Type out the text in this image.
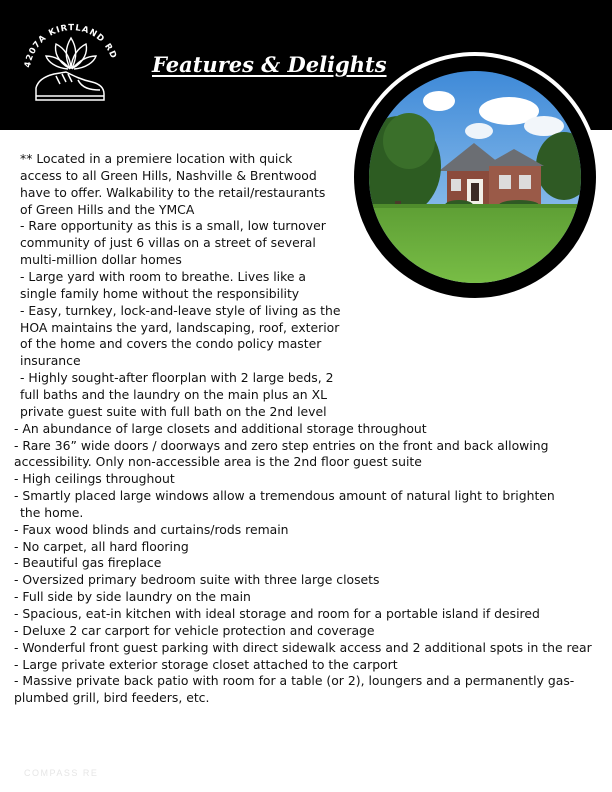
4207A KIRTLAND RD Features & Delights
** Located in a premiere location with quick
access to all Green Hills, Nashville & Brentwood
have to offer. Walkability to the retail/restaurants
of Green Hills and the YMCA
- Rare opportunity as this is a small, low turnover
community of just 6 villas on a street of several
multi-million dollar homes
- Large yard with room to breathe. Lives like a
single family home without the responsibility
- Easy, turnkey, lock-and-leave style of living as the
HOA maintains the yard, landscaping, roof, exterior
of the home and covers the condo policy master
insurance
- Highly sought-after floorplan with 2 large beds, 2
full baths and the laundry on the main plus an XL
private guest suite with full bath on the 2nd level
- An abundance of large closets and additional storage throughout
- Rare 36” wide doors / doorways and zero step entries on the front and back allowing
accessibility. Only non-accessible area is the 2nd floor guest suite
- High ceilings throughout
- Smartly placed large windows allow a tremendous amount of natural light to brighten
the home.
- Faux wood blinds and curtains/rods remain
- No carpet, all hard flooring
- Beautiful gas fireplace
- Oversized primary bedroom suite with three large closets
- Full side by side laundry on the main
- Spacious, eat-in kitchen with ideal storage and room for a portable island if desired
- Deluxe 2 car carport for vehicle protection and coverage
- Wonderful front guest parking with direct sidewalk access and 2 additional spots in the rear
- Large private exterior storage closet attached to the carport
- Massive private back patio with room for a table (or 2), loungers and a permanently gas-
plumbed grill, bird feeders, etc.
COMPASS RE
